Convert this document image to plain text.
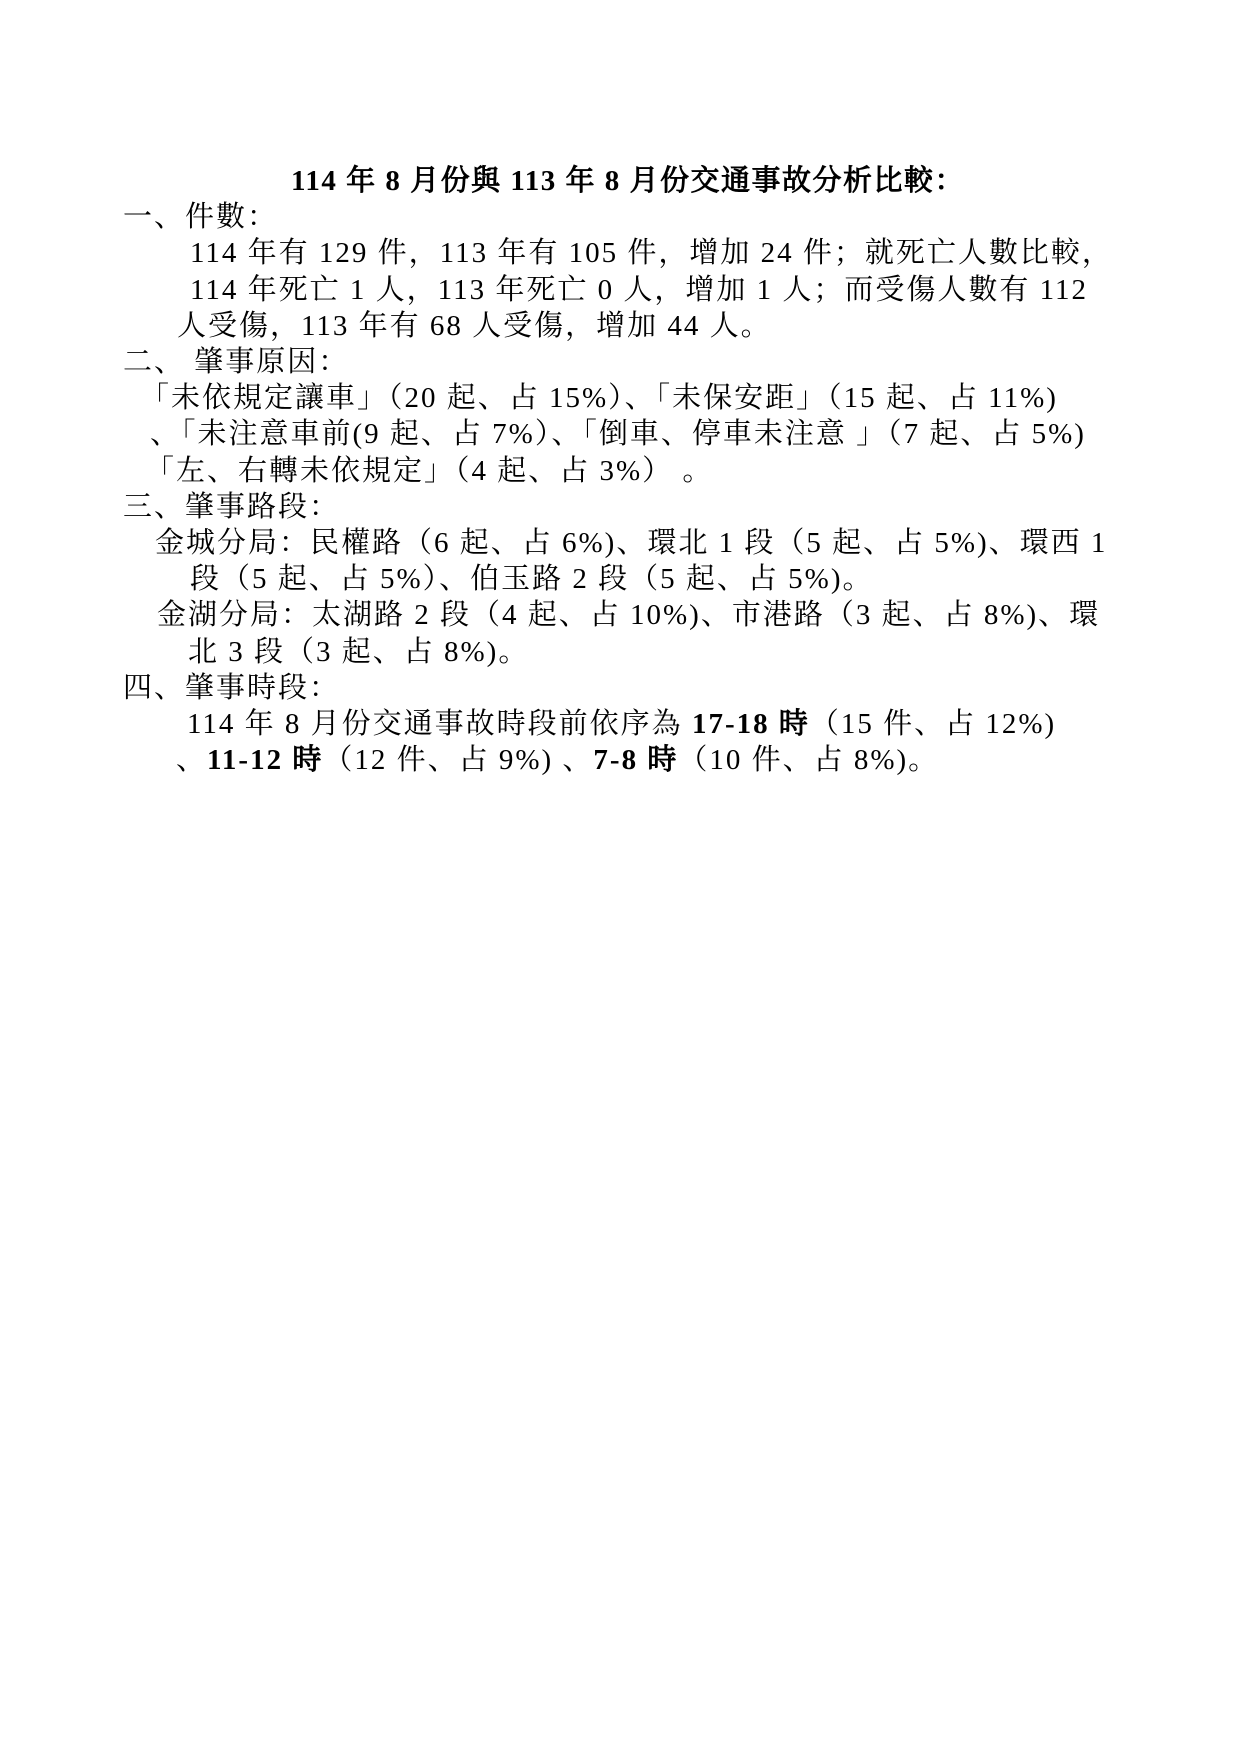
114 年 8 月份與 113 年 8 月份交通事故分析比較：
一、件數：
114 年有 129 件，113 年有 105 件，增加 24 件；就死亡人數比較，
114 年死亡 1 人，113 年死亡 0 人，增加 1 人；而受傷人數有 112
人受傷，113 年有 68 人受傷，增加 44 人。
二、 肇事原因：
「未依規定讓車」（20 起、占 15%）、「未保安距」（15 起、占 11%)
、「未注意車前(9 起、占 7%）、「倒車、停車未注意 」（7 起、占 5%)
「左、右轉未依規定」（4 起、占 3%） 。
三、肇事路段：
金城分局：民權路（6 起、占 6%)、環北 1 段（5 起、占 5%)、環西 1
段（5 起、占 5%）、伯玉路 2 段（5 起、占 5%)。
金湖分局：太湖路 2 段（4 起、占 10%)、市港路（3 起、占 8%)、環
北 3 段（3 起、占 8%)。
四、肇事時段：
114 年 8 月份交通事故時段前依序為 17-18 時（15 件、占 12%)
、11-12 時（12 件、占 9%) 、7-8 時（10 件、占 8%)。
